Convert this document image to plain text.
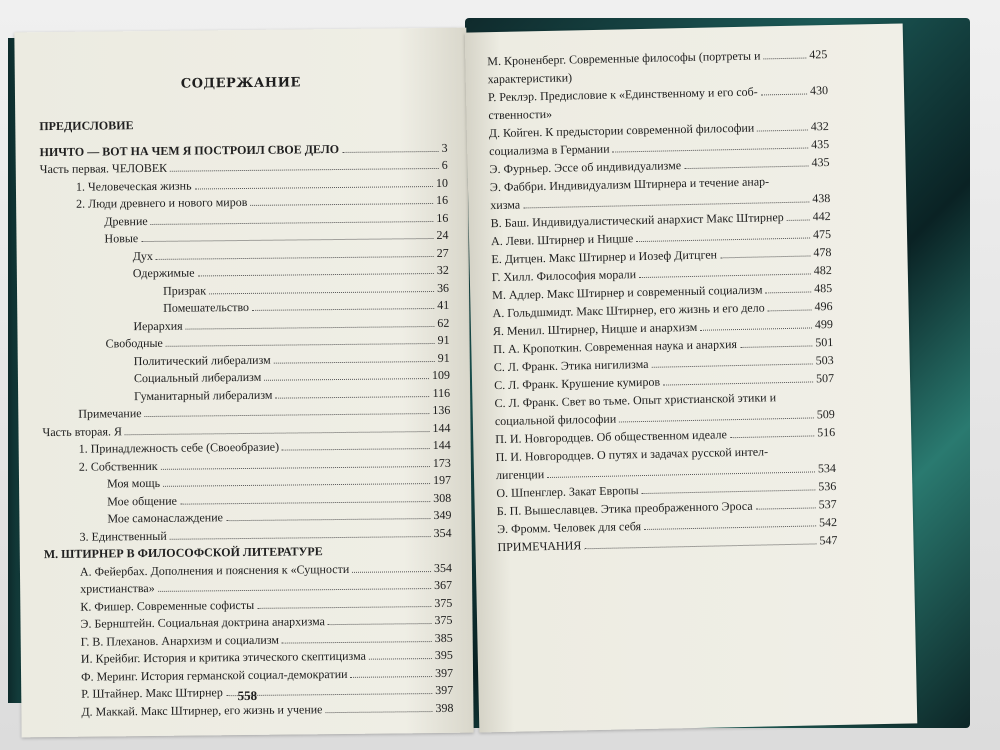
СОДЕРЖАНИЕ
ПРЕДИСЛОВИЕ
НИЧТО — ВОТ НА ЧЕМ Я ПОСТРОИЛ СВОЕ ДЕЛО	3
Часть первая. ЧЕЛОВЕК	6
1. Человеческая жизнь	10
2. Люди древнего и нового миров	16
Древние	16
Новые	24
Дух	27
Одержимые	32
Призрак	36
Помешательство	41
Иерархия	62
Свободные	91
Политический либерализм	91
Социальный либерализм	109
Гуманитарный либерализм	116
Примечание	136
Часть вторая. Я	144
1. Принадлежность себе (Своеобразие)	144
2. Собственник	173
Моя мощь	197
Мое общение	308
Мое самонаслаждение	349
3. Единственный	354
М. ШТИРНЕР В ФИЛОСОФСКОЙ ЛИТЕРАТУРЕ
А. Фейербах. Дополнения и пояснения к «Сущности	354
христианства»	367
К. Фишер. Современные софисты	375
Э. Бернштейн. Социальная доктрина анархизма	375
Г. В. Плеханов. Анархизм и социализм	385
И. Крейбиг. История и критика этического скептицизма	395
Ф. Меринг. История германской социал-демократии	397
Р. Штайнер. Макс Штирнер	397
Д. Маккай. Макс Штирнер, его жизнь и учение	398
558
М. Кроненберг. Современные философы (портреты и	425
характеристики)
Р. Реклэр. Предисловие к «Единственному и его соб-	430
ственности»
Д. Койген. К предыстории современной философии	432
социализма в Германии	435
Э. Фурньер. Эссе об индивидуализме	435
Э. Фаббри. Индивидуализм Штирнера и течение анар-
хизма	438
В. Баш. Индивидуалистический анархист Макс Штирнер 442
А. Леви. Штирнер и Ницше	475
Е. Дитцен. Макс Штирнер и Иозеф Дитцген	478
Г. Хилл. Философия морали	482
М. Адлер. Макс Штирнер и современный социализм	485
А. Гольдшмидт. Макс Штирнер, его жизнь и его дело	496
Я. Менил. Штирнер, Ницше и анархизм	499
П. А. Кропоткин. Современная наука и анархия	501
С. Л. Франк. Этика нигилизма	503
С. Л. Франк. Крушение кумиров	507
С. Л. Франк. Свет во тьме. Опыт христианской этики и
социальной философии	509
П. И. Новгородцев. Об общественном идеале	516
П. И. Новгородцев. О путях и задачах русской интел-
лигенции	534
О. Шпенглер. Закат Европы	536
Б. П. Вышеславцев. Этика преображенного Эроса	537
Э. Фромм. Человек для себя	542
ПРИМЕЧАНИЯ	547
